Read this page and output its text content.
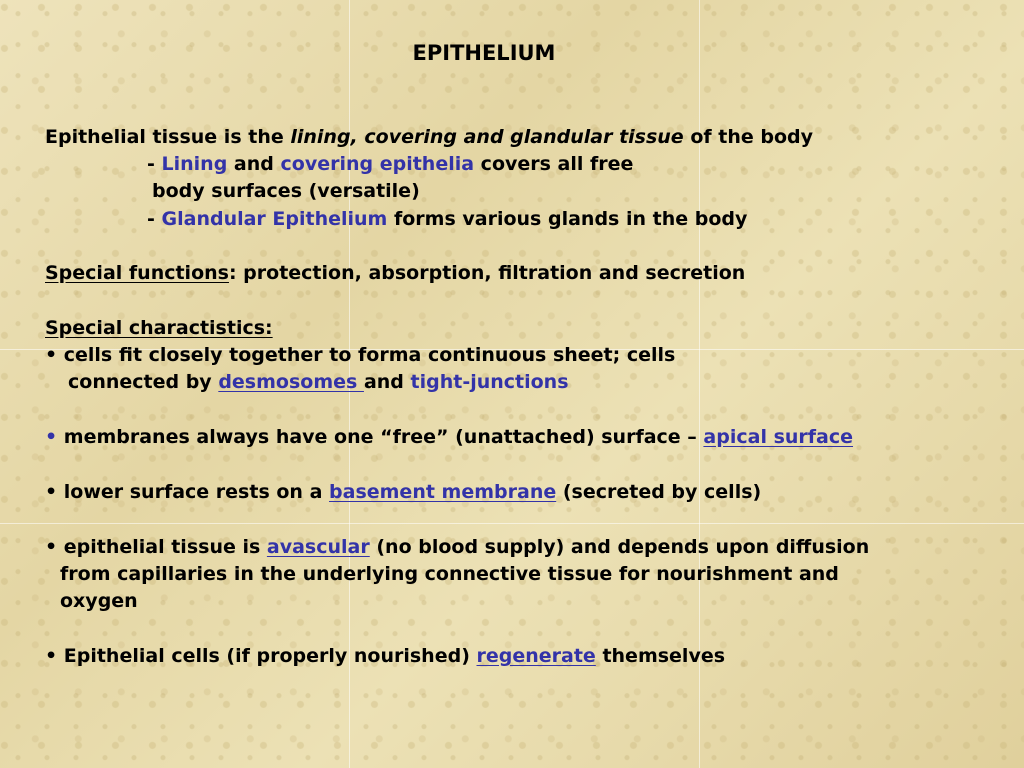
EPITHELIUM
Epithelial tissue is the lining, covering and glandular tissue of the body
- Lining and covering epithelia covers all free
body surfaces (versatile)
- Glandular Epithelium forms various glands in the body
Special functions: protection, absorption, filtration and secretion
Special charactistics:
• cells fit closely together to forma continuous sheet; cells
connected by desmosomes and tight-junctions
• membranes always have one “free” (unattached) surface – apical surface
• lower surface rests on a basement membrane (secreted by cells)
• epithelial tissue is avascular (no blood supply) and depends upon diffusion
from capillaries in the underlying connective tissue for nourishment and
oxygen
• Epithelial cells (if properly nourished) regenerate themselves
